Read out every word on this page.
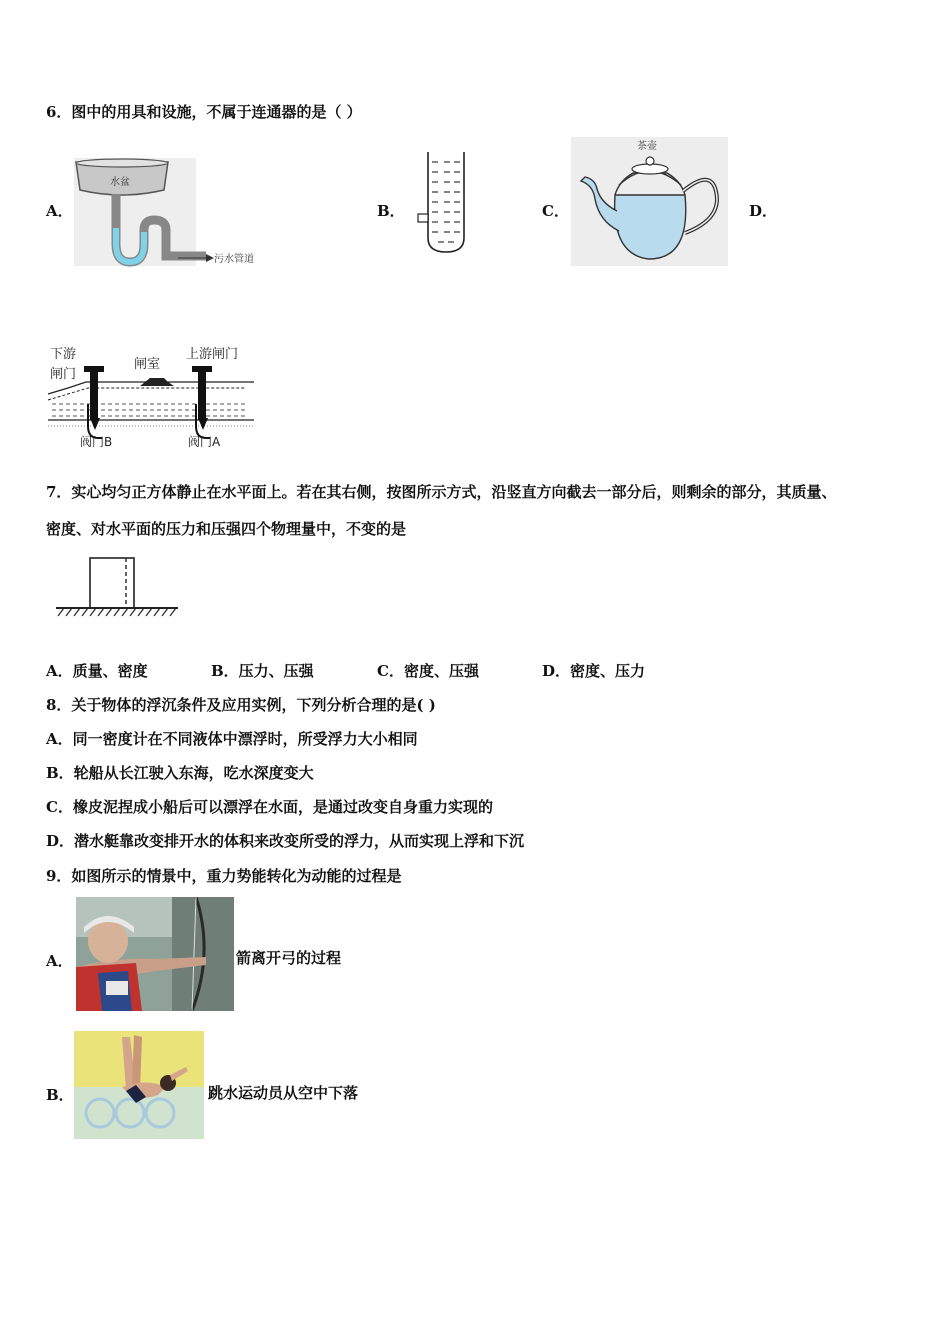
6．图中的用具和设施，不属于连通器的是（ ）
A．
水盆
污水管道
B．	C．
茶壶
D．
下游
闸门
闸室
上游闸门
阀门B	阀门A
7．实心均匀正方体静止在水平面上。若在其右侧，按图所示方式，沿竖直方向截去一部分后，则剩余的部分，其质量、
密度、对水平面的压力和压强四个物理量中，不变的是
A．质量、密度	B．压力、压强	C．密度、压强	D．密度、压力
8．关于物体的浮沉条件及应用实例，下列分析合理的是( )
A．同一密度计在不同液体中漂浮时，所受浮力大小相同
B．轮船从长江驶入东海，吃水深度变大
C．橡皮泥捏成小船后可以漂浮在水面，是通过改变自身重力实现的
D．潜水艇靠改变排开水的体积来改变所受的浮力，从而实现上浮和下沉
9．如图所示的情景中，重力势能转化为动能的过程是
A．	箭离开弓的过程
B．	跳水运动员从空中下落
